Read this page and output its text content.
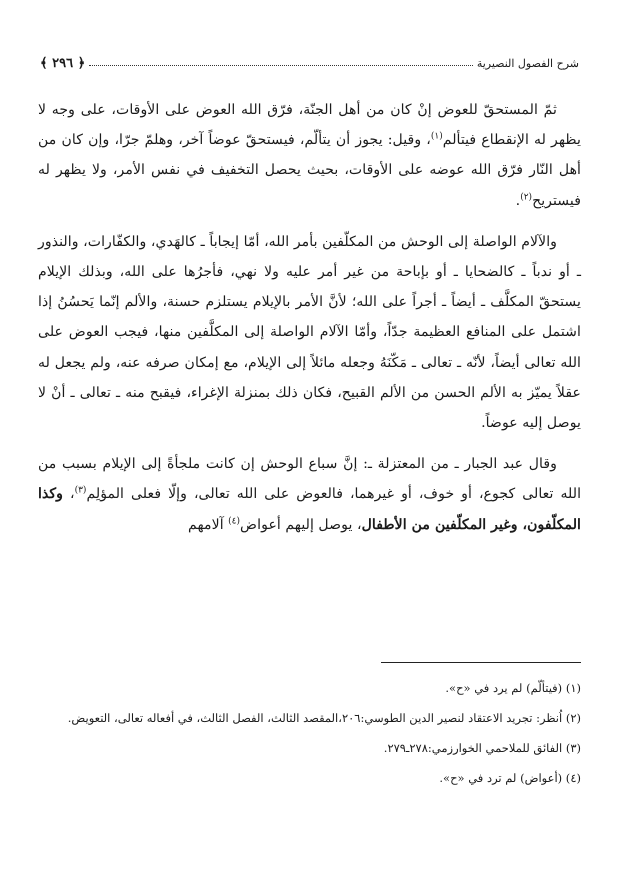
شرح الفصول النصيرية
﴿ ٢٩٦ ﴾

ثمّ المستحقّ للعوض إنْ كان من أهل الجنّة، فرّق الله العوض على الأوقات، على وجه لا يظهر له الإنقطاع فيتألم$^{(١)}$، وقيل: يجوز أن يتألّم، فيستحقّ عوضاً آخر، وهلمّ جرّا، وإن كان من أهل النّار فرّق الله عوضه على الأوقات، بحيث يحصل التخفيف في نفس الأمر، ولا يظهر له فيستريح$^{(٢)}$.

والآلام الواصلة إلى الوحش من المكلّفين بأمر الله، أمّا إيجاباً ـ كالهَدي، والكفّارات، والنذور ـ أو ندباً ـ كالضحايا ـ أو بإباحة من غير أمر عليه ولا نهي، فأجرُها على الله، وبذلك الإيلام يستحقّ المكلَّف ـ أيضاً ـ أجراً على الله؛ لأنَّ الأمر بالإيلام يستلزم حسنة، والألم إنّما يَحسُنُ إذا اشتمل على المنافع العظيمة جدّاً، وأمّا الآلام الواصلة إلى المكلَّفين منها، فيجب العوض على الله تعالى أيضاً، لأنّه ـ تعالى ـ مَكّنَهُ وجعله مائلاً إلى الإيلام، مع إمكان صرفه عنه، ولم يجعل له عقلاً يميّز به الألم الحسن من الألم القبيح، فكان ذلك بمنزلة الإغراء، فيقبح منه ـ تعالى ـ أنْ لا يوصل إليه عوضاً.

وقال عبد الجبار ـ من المعتزلة ـ: إنَّ سباع الوحش إن كانت ملجأةً إلى الإيلام بسبب من الله تعالى كجوع، أو خوف، أو غيرهما، فالعوض على الله تعالى، وإلّا فعلى المؤلِم$^{(٣)}$، وكذا المكلّفون، وغير المكلّفين من الأطفال، يوصل إليهم أعواض$^{(٤)}$ آلامهم

(١) (فيتألّم) لم يرد في «ح».
(٢) اُنظر: تجريد الاعتقاد لنصير الدين الطوسي:٢٠٦،المقصد الثالث، الفصل الثالث، في أفعاله تعالى، التعويض.
(٣) الفائق للملاحمي الخوارزمي:٢٧٨ـ٢٧٩.
(٤) (أعواض) لم ترد في «ح».
